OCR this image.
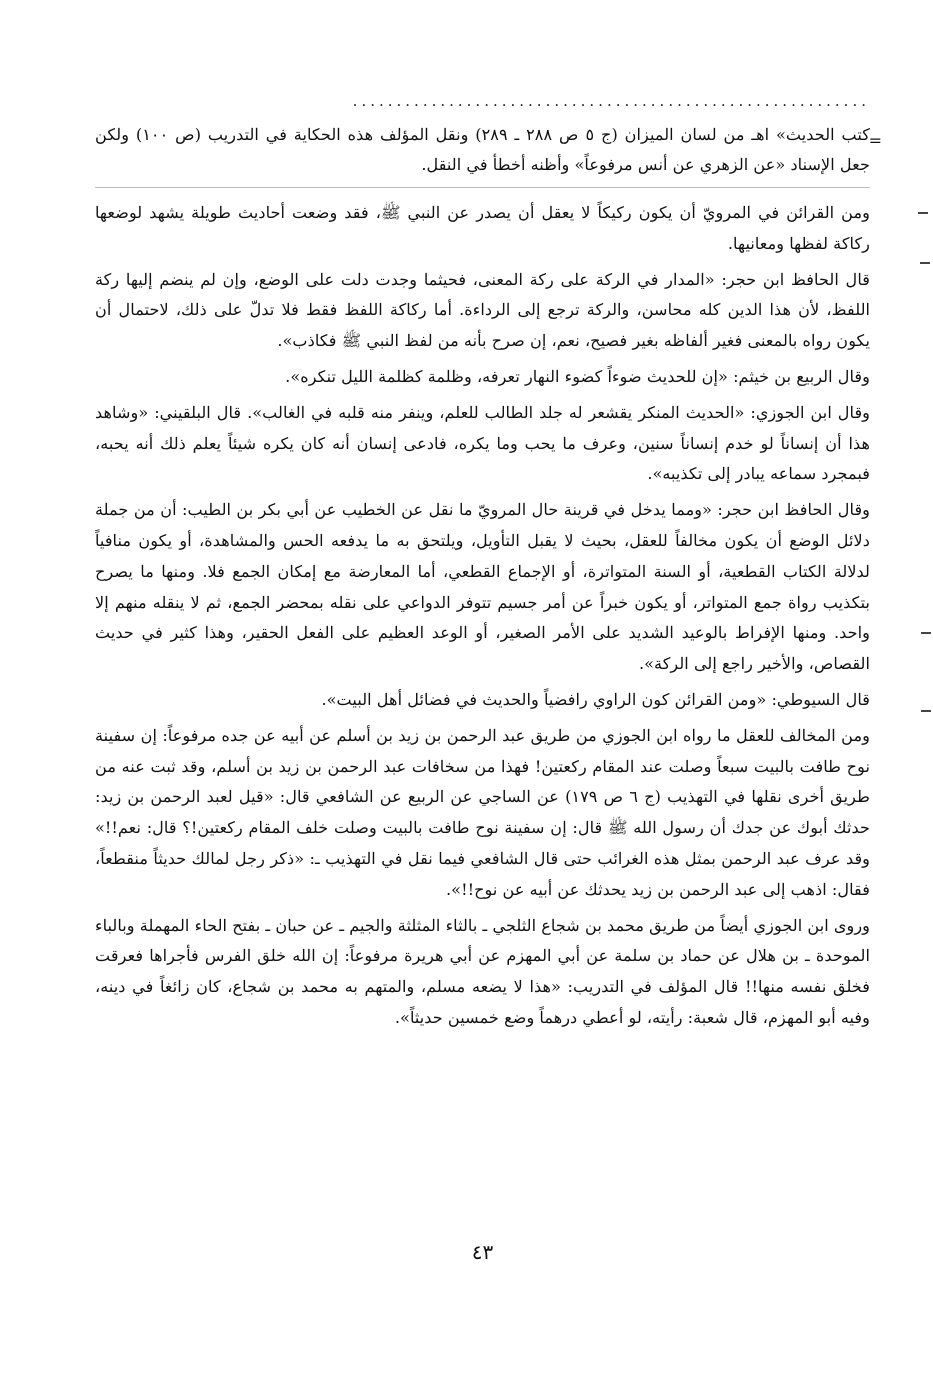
...........................................................
=
كتب الحديث» اهـ من لسان الميزان (ج ٥ ص ٢٨٨ ـ ٢٨٩) ونقل المؤلف هذه الحكاية في التدريب (ص ١٠٠) ولكن جعل الإسناد «عن الزهري عن أنس مرفوعاً» وأظنه أخطأ في النقل.

ومن القرائن في المرويّ أن يكون ركيكاً لا يعقل أن يصدر عن النبي ﷺ، فقد وضعت أحاديث طويلة يشهد لوضعها ركاكة لفظها ومعانيها.

قال الحافظ ابن حجر: «المدار في الركة على ركة المعنى، فحيثما وجدت دلت على الوضع، وإن لم ينضم إليها ركة اللفظ، لأن هذا الدين كله محاسن، والركة ترجع إلى الرداءة. أما ركاكة اللفظ فقط فلا تدلّ على ذلك، لاحتمال أن يكون رواه بالمعنى فغير ألفاظه بغير فصيح، نعم، إن صرح بأنه من لفظ النبي ﷺ فكاذب».

وقال الربيع بن خيثم: «إن للحديث ضوءاً كضوء النهار تعرفه، وظلمة كظلمة الليل تنكره».

وقال ابن الجوزي: «الحديث المنكر يقشعر له جلد الطالب للعلم، وينفر منه قلبه في الغالب». قال البلقيني: «وشاهد هذا أن إنساناً لو خدم إنساناً سنين، وعرف ما يحب وما يكره، فادعى إنسان أنه كان يكره شيئاً يعلم ذلك أنه يحبه، فبمجرد سماعه يبادر إلى تكذيبه».

وقال الحافظ ابن حجر: «ومما يدخل في قرينة حال المرويّ ما نقل عن الخطيب عن أبي بكر بن الطيب: أن من جملة دلائل الوضع أن يكون مخالفاً للعقل، بحيث لا يقبل التأويل، ويلتحق به ما يدفعه الحس والمشاهدة، أو يكون منافياً لدلالة الكتاب القطعية، أو السنة المتواترة، أو الإجماع القطعي، أما المعارضة مع إمكان الجمع فلا. ومنها ما يصرح بتكذيب رواة جمع المتواتر، أو يكون خبراً عن أمر جسيم تتوفر الدواعي على نقله بمحضر الجمع، ثم لا ينقله منهم إلا واحد. ومنها الإفراط بالوعيد الشديد على الأمر الصغير، أو الوعد العظيم على الفعل الحقير، وهذا كثير في حديث القصاص، والأخير راجع إلى الركة».

قال السيوطي: «ومن القرائن كون الراوي رافضياً والحديث في فضائل أهل البيت».

ومن المخالف للعقل ما رواه ابن الجوزي من طريق عبد الرحمن بن زيد بن أسلم عن أبيه عن جده مرفوعاً: إن سفينة نوح طافت بالبيت سبعاً وصلت عند المقام ركعتين! فهذا من سخافات عبد الرحمن بن زيد بن أسلم، وقد ثبت عنه من طريق أخرى نقلها في التهذيب (ج ٦ ص ١٧٩) عن الساجي عن الربيع عن الشافعي قال: «قيل لعبد الرحمن بن زيد: حدثك أبوك عن جدك أن رسول الله ﷺ قال: إن سفينة نوح طافت بالبيت وصلت خلف المقام ركعتين!؟ قال: نعم!!» وقد عرف عبد الرحمن بمثل هذه الغرائب حتى قال الشافعي فيما نقل في التهذيب ـ: «ذكر رجل لمالك حديثاً منقطعاً، فقال: اذهب إلى عبد الرحمن بن زيد يحدثك عن أبيه عن نوح!!».

وروى ابن الجوزي أيضاً من طريق محمد بن شجاع الثلجي ـ بالثاء المثلثة والجيم ـ عن حبان ـ بفتح الحاء المهملة وبالباء الموحدة ـ بن هلال عن حماد بن سلمة عن أبي المهزم عن أبي هريرة مرفوعاً: إن الله خلق الفرس فأجراها فعرقت فخلق نفسه منها!! قال المؤلف في التدريب: «هذا لا يضعه مسلم، والمتهم به محمد بن شجاع، كان زائغاً في دينه، وفيه أبو المهزم، قال شعبة: رأيته، لو أعطي درهماً وضع خمسين حديثاً».

٤٣
